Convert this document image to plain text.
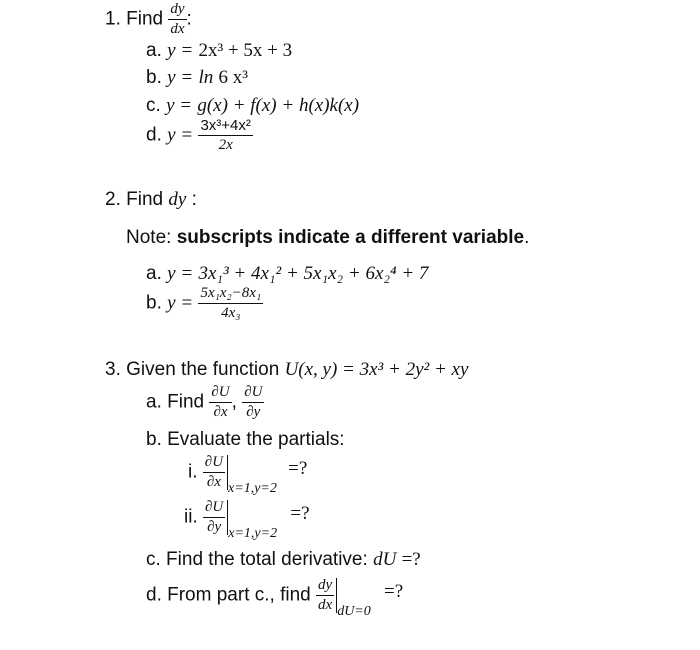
1. Find $\frac{dy}{dx}$ :
a. y = 2x³ + 5x + 3
b. y = ln 6 x³
c. y = g(x) + f(x) + h(x)k(x)
d. $y = \frac{\text{3x³+4x²}}{2x}$
2. Find dy :
Note: subscripts indicate a different variable.
a. y = 3x₁³ + 4x₁² + 5x₁x₂ + 6x₂⁴ + 7
b. $y = \frac{\text{5x₁x₂−8x₁}}{\text{4x₃}}$
3. Given the function U(x, y) = 3x³ + 2y² + xy
a. Find $\frac{\partial U}{\partial x}$ , $\frac{\partial U}{\partial y}$
b. Evaluate the partials:
i. $\frac{\partial U}{\partial x} _{x=1,y=2}$ =?
ii. $\frac{\partial U}{\partial y} _{x=1,y=2}$ =?
c. Find the total derivative: dU =?
d. From part c., find $\frac{dy}{dx} _{dU=0}$ =?
